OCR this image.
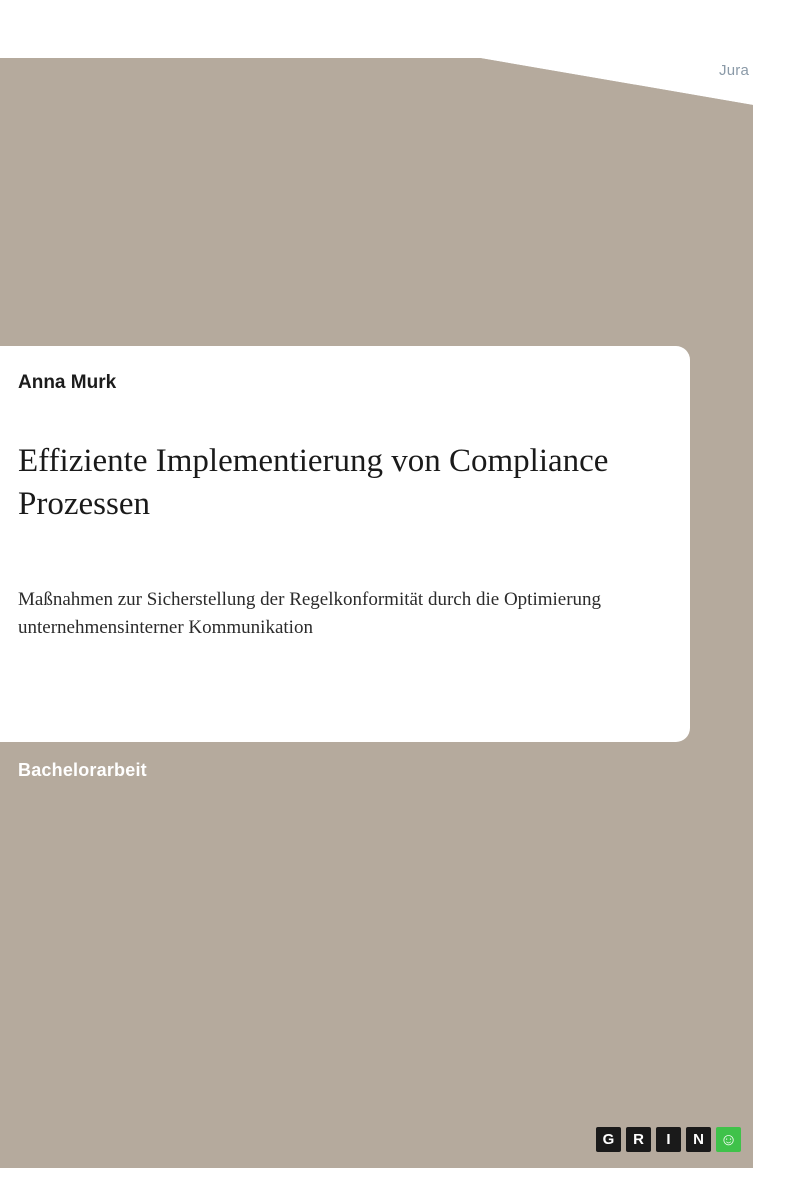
Jura
Anna Murk
Effiziente Implementierung von Compliance Prozessen
Maßnahmen zur Sicherstellung der Regelkonformität durch die Optimierung unternehmensinterner Kommunikation
Bachelorarbeit
G	R	I	N ☺
